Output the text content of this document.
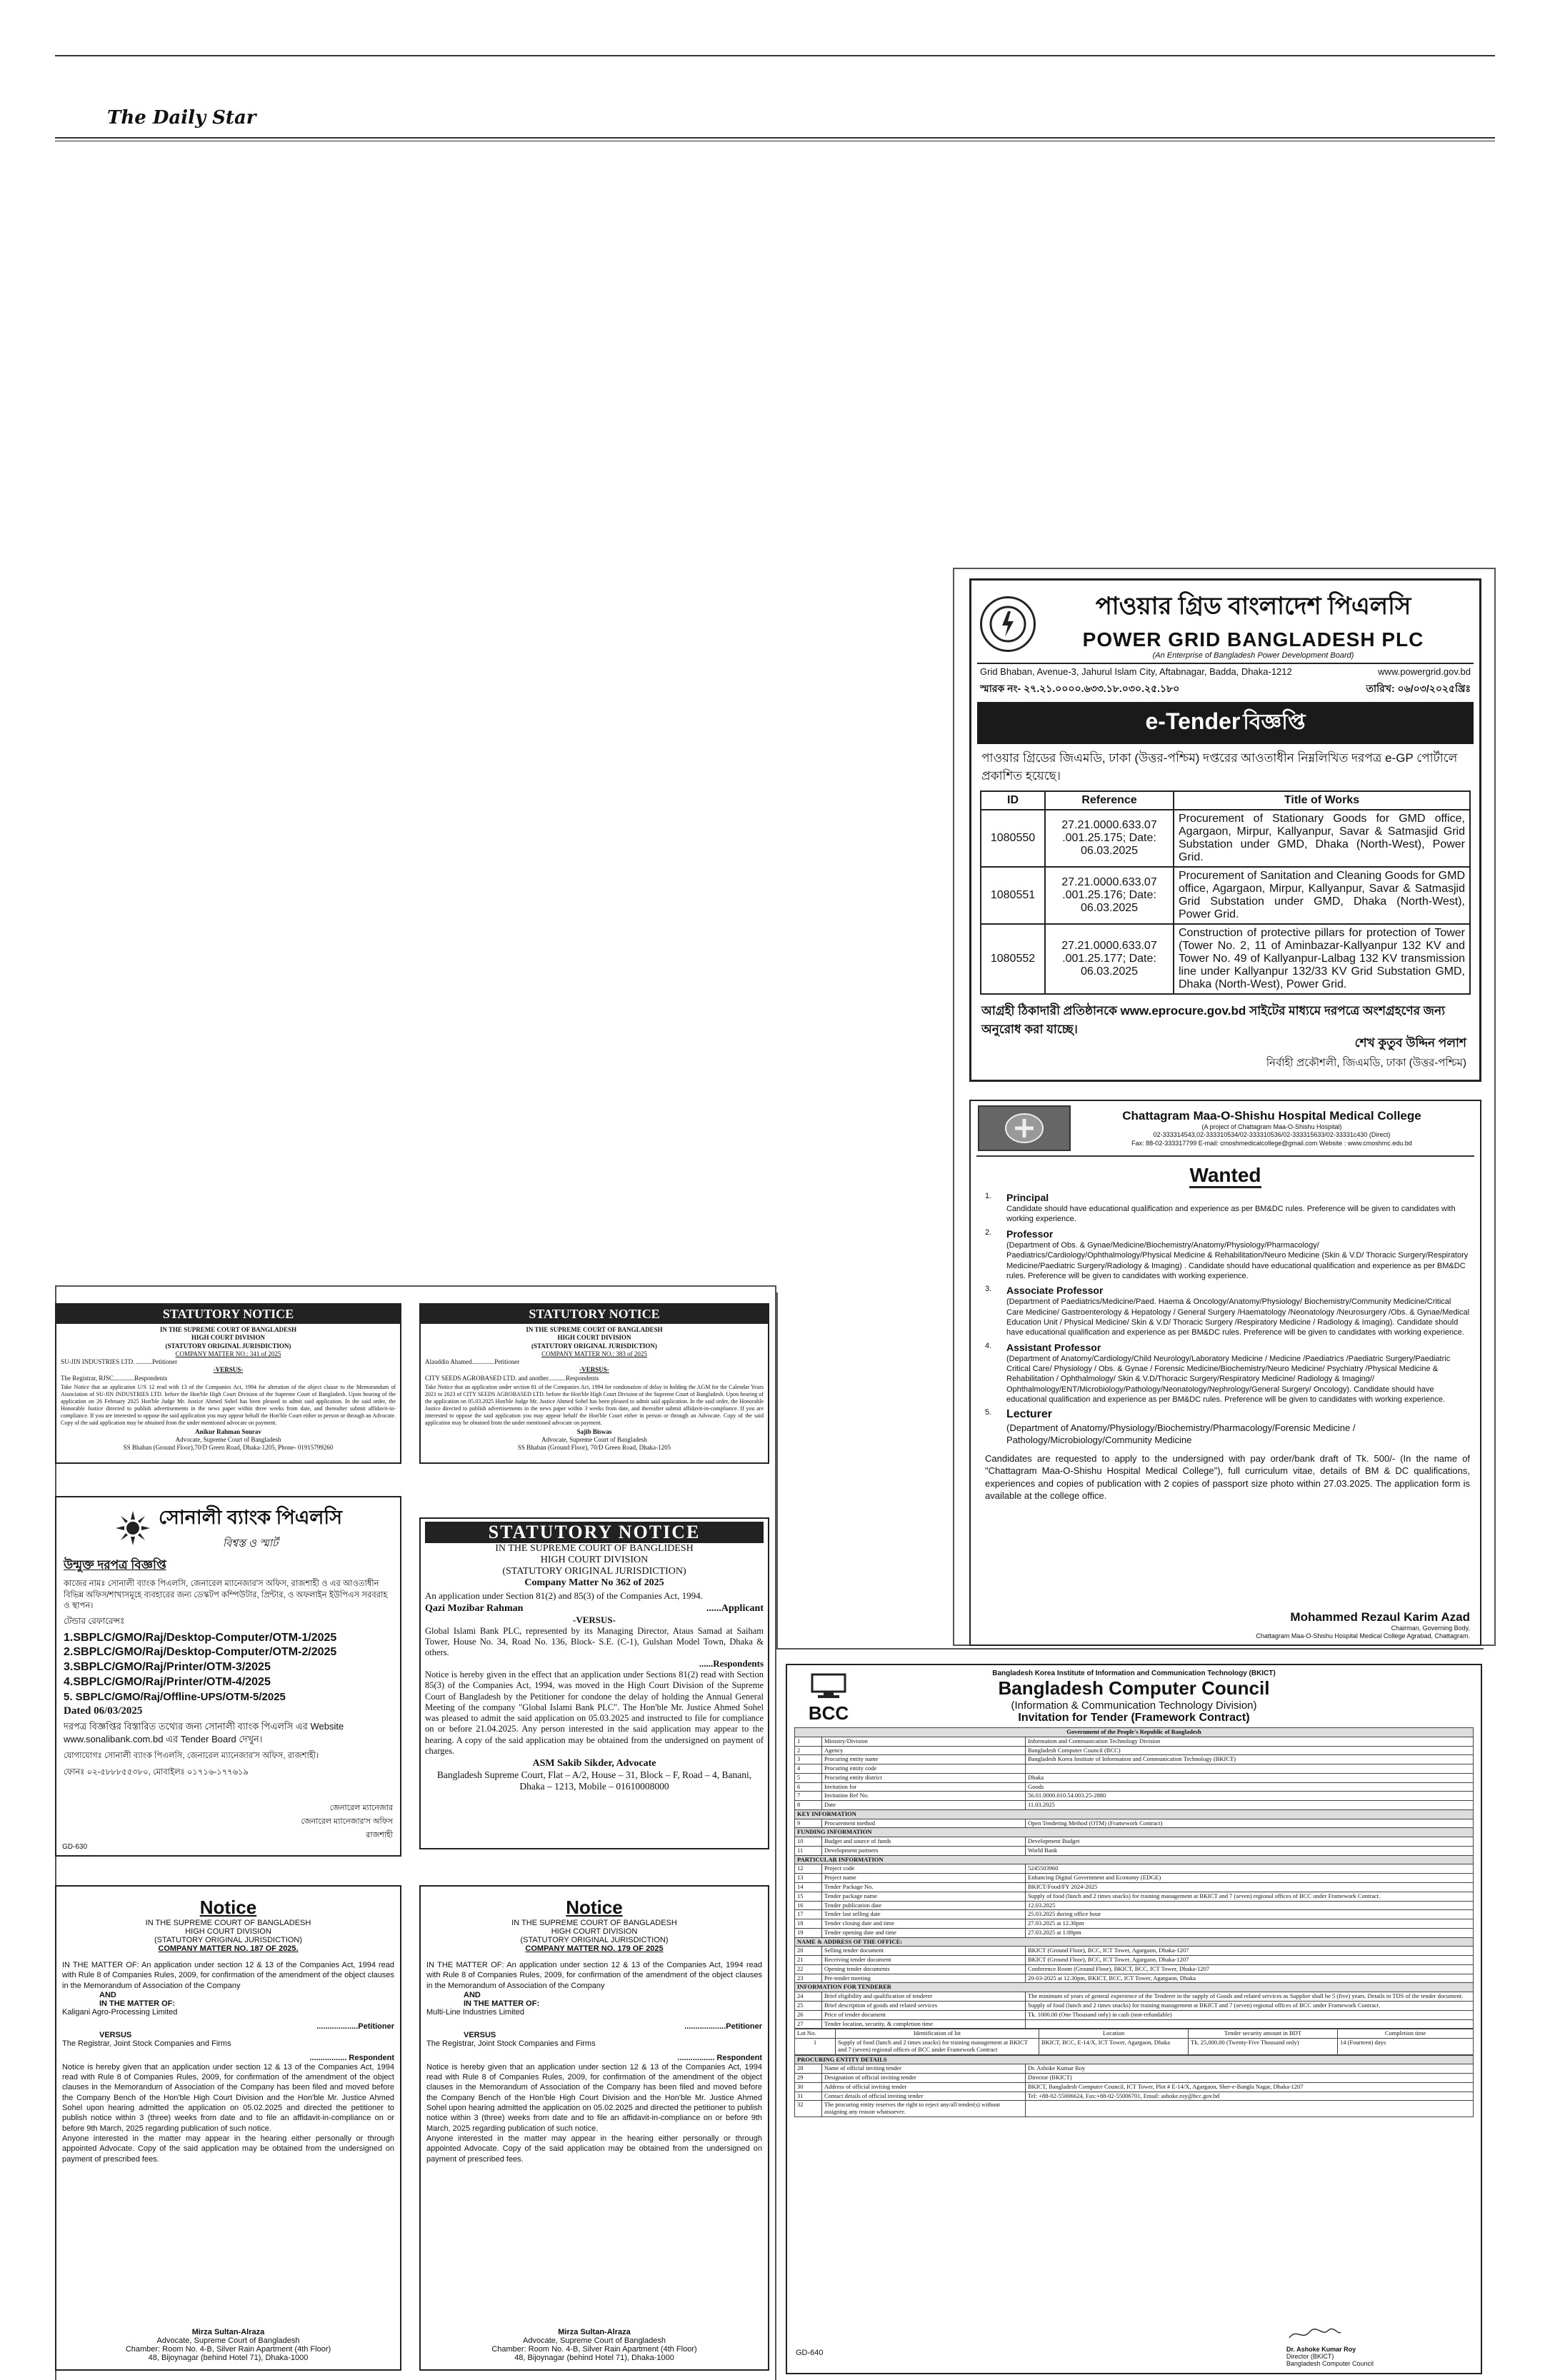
The Daily Star
পাওয়ার গ্রিড বাংলাদেশ পিএলসি
POWER GRID BANGLADESH PLC
(An Enterprise of Bangladesh Power Development Board)
Grid Bhaban, Avenue-3, Jahurul Islam City, Aftabnagar, Badda, Dhaka-1212	www.powergrid.gov.bd
স্মারক নং- ২৭.২১.০০০০.৬৩৩.১৮.০৩০.২৫.১৮০	তারিখ: ০৬/০৩/২০২৫খ্রিঃ
e-Tender বিজ্ঞপ্তি
পাওয়ার গ্রিডের জিএমডি, ঢাকা (উত্তর-পশ্চিম) দপ্তরের আওতাধীন নিম্নলিখিত দরপত্র e-GP পোর্টালে প্রকাশিত হয়েছে।
ID	Reference	Title of Works
1080550	27.21.0000.633.07 .001.25.175; Date: 06.03.2025	Procurement of Stationary Goods for GMD office, Agargaon, Mirpur, Kallyanpur, Savar & Satmasjid Grid Substation under GMD, Dhaka (North-West), Power Grid.
1080551	27.21.0000.633.07 .001.25.176; Date: 06.03.2025	Procurement of Sanitation and Cleaning Goods for GMD office, Agargaon, Mirpur, Kallyanpur, Savar & Satmasjid Grid Substation under GMD, Dhaka (North-West), Power Grid.
1080552	27.21.0000.633.07 .001.25.177; Date: 06.03.2025	Construction of protective pillars for protection of Tower (Tower No. 2, 11 of Aminbazar-Kallyanpur 132 KV and Tower No. 49 of Kallyanpur-Lalbag 132 KV transmission line under Kallyanpur 132/33 KV Grid Substation GMD, Dhaka (North-West), Power Grid.
আগ্রহী ঠিকাদারী প্রতিষ্ঠানকে www.eprocure.gov.bd সাইটের মাধ্যমে দরপত্রে অংশগ্রহণের জন্য অনুরোধ করা যাচ্ছে।
শেখ কুতুব উদ্দিন পলাশ
নির্বাহী প্রকৌশলী, জিএমডি, ঢাকা (উত্তর-পশ্চিম)
Chattagram Maa-O-Shishu Hospital Medical College
(A project of Chattagram Maa-O-Shishu Hospital)
02-333314543,02-333310534/02-333310536/02-333315633/02-33331c430 (Direct)
Fax: 88-02-333317799 E-mail: cmoshmedicalcollege@gmail.com Website : www.cmoshmc.edu.bd
Wanted
1. Principal
Candidate should have educational qualification and experience as per BM&DC rules. Preference will be given to candidates with working experience.
2. Professor
(Department of Obs. & Gynae/Medicine/Biochemistry/Anatomy/Physiology/Pharmacology/ Paediatrics/Cardiology/Ophthalmology/Physical Medicine & Rehabilitation/Neuro Medicine (Skin & V.D/ Thoracic Surgery/Respiratory Medicine/Paediatric Surgery/Radiology & Imaging) . Candidate should have educational qualification and experience as per BM&DC rules. Preference will be given to candidates with working experience.
3. Associate Professor
(Department of Paediatrics/Medicine/Paed. Haema & Oncology/Anatomy/Physiology/ Biochemistry/Community Medicine/Critical Care Medicine/ Gastroenterology & Hepatology / General Surgery /Haematology /Neonatology /Neurosurgery /Obs. & Gynae/Medical Education Unit / Physical Medicine/ Skin & V.D/ Thoracic Surgery /Respiratory Medicine / Radiology & Imaging). Candidate should have educational qualification and experience as per BM&DC rules. Preference will be given to candidates with working experience.
4. Assistant Professor
(Department of Anatomy/Cardiology/Child Neurology/Laboratory Medicine / Medicine /Paediatrics /Paediatric Surgery/Paediatric Critical Care/ Physiology / Obs. & Gynae / Forensic Medicine/Biochemistry/Neuro Medicine/ Psychiatry /Physical Medicine & Rehabilitation / Ophthalmology/ Skin & V.D/Thoracic Surgery/Respiratory Medicine/ Radiology & Imaging// Ophthalmology/ENT/Microbiology/Pathology/Neonatology/Nephrology/General Surgery/ Oncology). Candidate should have educational qualification and experience as per BM&DC rules. Preference will be given to candidates with working experience.
5. Lecturer
(Department of Anatomy/Physiology/Biochemistry/Pharmacology/Forensic Medicine / Pathology/Microbiology/Community Medicine
Candidates are requested to apply to the undersigned with pay order/bank draft of Tk. 500/- (In the name of "Chattagram Maa-O-Shishu Hospital Medical College"), full curriculum vitae, details of BM & DC qualifications, experiences and copies of publication with 2 copies of passport size photo within 27.03.2025. The application form is available at the college office.
Mohammed Rezaul Karim Azad
Chairman, Governing Body,
Chattagram Maa-O-Shishu Hospital Medical College Agrabad, Chattagram.
STATUTORY NOTICE
IN THE SUPREME COURT OF BANGLADESH
HIGH COURT DIVISION
(STATUTORY ORIGINAL JURISDICTION)
COMPANY MATTER NO.: 341 of 2025
SU-JIN INDUSTRIES LTD. ..........Petitioner
-VERSUS-
The Registrar, RJSC.............Respondents
Take Notice that an application U/S 12 read with 13 of the Companies Act, 1994 for alteration of the object clause to the Memorandum of Association of SU-JIN INDUSTRIES LTD. before the Hon'ble High Court Division of the Supreme Court of Bangladesh. Upon hearing of the application on 26 February 2025 Hon'ble Judge Mr. Justice Ahmed Sohel has been pleased to admit said application. In the said order, the Honorable Justice directed to publish advertisements in the news paper within three weeks from date, and thereafter submit affidavit-in-compliance. If you are interested to oppose the said application you may appear behalf the Hon'ble Court either in person or through an Advocate. Copy of the said application may be obtained from the under mentioned advocate on payment.
Anikur Rahman Sourav
Advocate, Supreme Court of Bangladesh
SS Bhaban (Ground Floor),70/D Green Road, Dhaka-1205, Phone- 01915799260
STATUTORY NOTICE
IN THE SUPREME COURT OF BANGLADESH
HIGH COURT DIVISION
(STATUTORY ORIGINAL JURISDICTION)
COMPANY MATTER NO.: 383 of 2025
Alauddin Ahamed..............Petitioner
-VERSUS-
CITY SEEDS AGROBASED LTD. and another...........Respondents
Take Notice that an application under section 81 of the Companies Act, 1994 for condonation of delay in holding the AGM for the Calendar Years 2021 to 2023 of CITY SEEDS AGROBASED LTD. before the Hon'ble High Court Division of the Supreme Court of Bangladesh. Upon hearing of the application on 05.03.2025 Hon'ble Judge Mr. Justice Ahmed Sohel has been pleased to admit said application. In the said order, the Honorable Justice directed to publish advertisements in the news paper within 3 weeks from date, and thereafter submit affidavit-in-compliance. If you are interested to oppose the said application you may appear behalf the Hon'ble Court either in person or through an Advocate. Copy of the said application may be obtained from the under mentioned advocate on payment.
Sajib Biswas
Advocate, Supreme Court of Bangladesh
SS Bhaban (Ground Floor), 70/D Green Road, Dhaka-1205
সোনালী ব্যাংক পিএলসি
বিশ্বস্ত ও স্মার্ট
উন্মুক্ত দরপত্র বিজ্ঞপ্তি
কাজের নামঃ সোনালী ব্যাংক পিএলসি, জেনারেল ম্যানেজার'স অফিস, রাজশাহী ও এর আওতাধীন বিভিন্ন অফিস/শাখাসমূহে ব্যবহারের জন্য ডেস্কটপ কম্পিউটার, প্রিন্টার, ও অফলাইন ইউপিএস সরবরাহ ও স্থাপন।
টেন্ডার রেফারেন্সঃ
1.SBPLC/GMO/Raj/Desktop-Computer/OTM-1/2025
2.SBPLC/GMO/Raj/Desktop-Computer/OTM-2/2025
3.SBPLC/GMO/Raj/Printer/OTM-3/2025
4.SBPLC/GMO/Raj/Printer/OTM-4/2025
5. SBPLC/GMO/Raj/Offline-UPS/OTM-5/2025
Dated 06/03/2025
দরপত্র বিজ্ঞপ্তির বিস্তারিত তথ্যের জন্য সোনালী ব্যাংক পিএলসি এর Website www.sonalibank.com.bd এর Tender Board দেখুন।
যোগাযোগঃ সোনালী ব্যাংক পিএলসি, জেনারেল ম্যানেজার'স অফিস, রাজশাহী।
ফোনঃ ০২-৫৮৮৮৫৫৩৮০, মোবাইলঃ ০১৭১৬-১৭৭৬১৯
জেনারেল ম্যানেজার
জেনারেল ম্যানেজার'স অফিস
রাজশাহী
GD-630
STATUTORY NOTICE
IN THE SUPREME COURT OF BANGLIDESH
HIGH COURT DIVISION
(STATUTORY ORIGINAL JURISDICTION)
Company Matter No 362 of 2025
An application under Section 81(2) and 85(3) of the Companies Act, 1994.
Qazi Mozibar Rahman	......Applicant
-VERSUS-
Global Islami Bank PLC, represented by its Managing Director, Ataus Samad at Saiham Tower, House No. 34, Road No. 136, Block- S.E. (C-1), Gulshan Model Town, Dhaka & others.
......Respondents
Notice is hereby given in the effect that an application under Sections 81(2) read with Section 85(3) of the Companies Act, 1994, was moved in the High Court Division of the Supreme Court of Bangladesh by the Petitioner for condone the delay of holding the Annual General Meeting of the company "Global Islami Bank PLC". The Hon'ble Mr. Justice Ahmed Sohel was pleased to admit the said application on 05.03.2025 and instructed to file for compliance on or before 21.04.2025. Any person interested in the said application may appear to the hearing. A copy of the said application may be obtained from the undersigned on payment of charges.
ASM Sakib Sikder, Advocate
Bangladesh Supreme Court, Flat – A/2, House – 31, Block – F, Road – 4, Banani, Dhaka – 1213, Mobile – 01610008000
Notice
IN THE SUPREME COURT OF BANGLADESH
HIGH COURT DIVISION
(STATUTORY ORIGINAL JURISDICTION)
COMPANY MATTER NO. 187 OF 2025.
IN THE MATTER OF: An application under section 12 & 13 of the Companies Act, 1994 read with Rule 8 of Companies Rules, 2009, for confirmation of the amendment of the object clauses in the Memorandum of Association of the Company
AND
IN THE MATTER OF:
Kaligani Agro-Processing Limited
...................Petitioner
VERSUS
The Registrar, Joint Stock Companies and Firms
................. Respondent
Notice is hereby given that an application under section 12 & 13 of the Companies Act, 1994 read with Rule 8 of Companies Rules, 2009, for confirmation of the amendment of the object clauses in the Memorandum of Association of the Company has been filed and moved before the Company Bench of the Hon'ble High Court Division and the Hon'ble Mr. Justice Ahmed Sohel upon hearing admitted the application on 05.02.2025 and directed the petitioner to publish notice within 3 (three) weeks from date and to file an affidavit-in-compliance on or before 9th March, 2025 regarding publication of such notice.
Anyone interested in the matter may appear in the hearing either personally or through appointed Advocate. Copy of the said application may be obtained from the undersigned on payment of prescribed fees.
Mirza Sultan-Alraza
Advocate, Supreme Court of Bangladesh
Chamber: Room No. 4-B, Silver Rain Apartment (4th Floor)
48, Bijoynagar (behind Hotel 71), Dhaka-1000
Notice
IN THE SUPREME COURT OF BANGLADESH
HIGH COURT DIVISION
(STATUTORY ORIGINAL JURISDICTION)
COMPANY MATTER NO. 179 OF 2025
IN THE MATTER OF: An application under section 12 & 13 of the Companies Act, 1994 read with Rule 8 of Companies Rules, 2009, for confirmation of the amendment of the object clauses in the Memorandum of Association of the Company
AND
IN THE MATTER OF:
Multi-Line Industries Limited
...................Petitioner
VERSUS
The Registrar, Joint Stock Companies and Firms
................. Respondent
Notice is hereby given that an application under section 12 & 13 of the Companies Act, 1994 read with Rule 8 of Companies Rules, 2009, for confirmation of the amendment of the object clauses in the Memorandum of Association of the Company has been filed and moved before the Company Bench of the Hon'ble High Court Division and the Hon'ble Mr. Justice Ahmed Sohel upon hearing admitted the application on 05.02.2025 and directed the petitioner to publish notice within 3 (three) weeks from date and to file an affidavit-in-compliance on or before 9th March, 2025 regarding publication of such notice.
Anyone interested in the matter may appear in the hearing either personally or through appointed Advocate. Copy of the said application may be obtained from the undersigned on payment of prescribed fees.
Mirza Sultan-Alraza
Advocate, Supreme Court of Bangladesh
Chamber: Room No. 4-B, Silver Rain Apartment (4th Floor)
48, Bijoynagar (behind Hotel 71), Dhaka-1000
BCC
Bangladesh Korea Institute of Information and Communication Technology (BKICT)
Bangladesh Computer Council
(Information & Communication Technology Division)
Invitation for Tender (Framework Contract)
Government of the People's Republic of Bangladesh		
1	Ministry/Division	Information and Communication Technology Division
2	Agency	Bangladesh Computer Council (BCC)
3	Procuring entity name	Bangladesh Korea Institute of Information and Communication Technology (BKICT)
4	Procuring entity code	
5	Procuring entity district	Dhaka
6	Invitation for	Goods
7	Invitation Ref No.	56.01.0000.010.54.003.25-2880
8	Date	11.03.2025
KEY INFORMATION		
9	Procurement method	Open Tendering Method (OTM) (Framework Contract)
FUNDING INFORMATION		
10	Budget and source of funds	Development Budget
11	Development partners	World Bank
PARTICULAR INFORMATION		
12	Project code	5245503960
13	Project name	Enhancing Digital Government and Economy (EDGE)
14	Tender Package No.	BKICT/Food/FY 2024-2025
15	Tender package name	Supply of food (lunch and 2 times snacks) for training management at BKICT and 7 (seven) regional offices of BCC under Framework Contract.
16	Tender publication date	12.03.2025
17	Tender last selling date	25.03.2025 during office hour
18	Tender closing date and time	27.03.2025 at 12.30pm
19	Tender opening date and time	27.03.2025 at 1:00pm
NAME & ADDRESS OF THE OFFICE:		
20	Selling tender document	BKICT (Ground Floor), BCC, ICT Tower, Agargaon, Dhaka-1207
21	Receiving tender document	BKICT (Ground Floor), BCC, ICT Tower, Agargaon, Dhaka-1207
22	Opening tender documents	Conference Room (Ground Floor), BKICT, BCC, ICT Tower, Dhaka-1207
23	Pre-tender meeting	20-03-2025 at 12.30pm, BKICT, BCC, ICT Tower, Agargaon, Dhaka
INFORMATION FOR TENDERER		
24	Brief eligibility and qualification of tenderer	The minimum of years of general experience of the Tenderer in the supply of Goods and related services as Supplier shall be 5 (five) years. Details in TDS of the tender document.
25	Brief description of goods and related services	Supply of food (lunch and 2 times snacks) for training management at BKICT and 7 (seven) regional offices of BCC under Framework Contract.
26	Price of tender document	Tk. 1000.00 (One Thousand only) in cash (non-refundable)
27	Tender location, security, & completion time	
Lot No.	Identification of lot	Location	Tender security amount in BDT	Completion time
1	Supply of food (lunch and 2 times snacks) for training management at BKICT and 7 (seven) regional offices of BCC under Framework Contract	BKICT, BCC, E-14/X, ICT Tower, Agargaon, Dhaka	Tk. 25,000.00 (Twenty-Five Thousand only)	14 (Fourteen) days
PROCURING ENTITY DETAILS		
28	Name of official inviting tender	Dr. Ashoke Kumar Roy
29	Designation of official inviting tender	Director (BKICT)
30	Address of official inviting tender	BKICT, Bangladesh Computer Council, ICT Tower, Plot # E-14/X, Agargaon, Sher-e-Bangla Nagar, Dhaka-1207
31	Contact details of official inviting tender	Tel: +88-02-55006624, Fax:+88-02-55006701, Email: ashoke.roy@bcc.gov.bd
32	The procuring entity reserves the right to reject any/all tender(s) without assigning any reason whatsoever.	
GD-640	Dr. Ashoke Kumar Roy
Director (BKICT)
Bangladesh Computer Council
